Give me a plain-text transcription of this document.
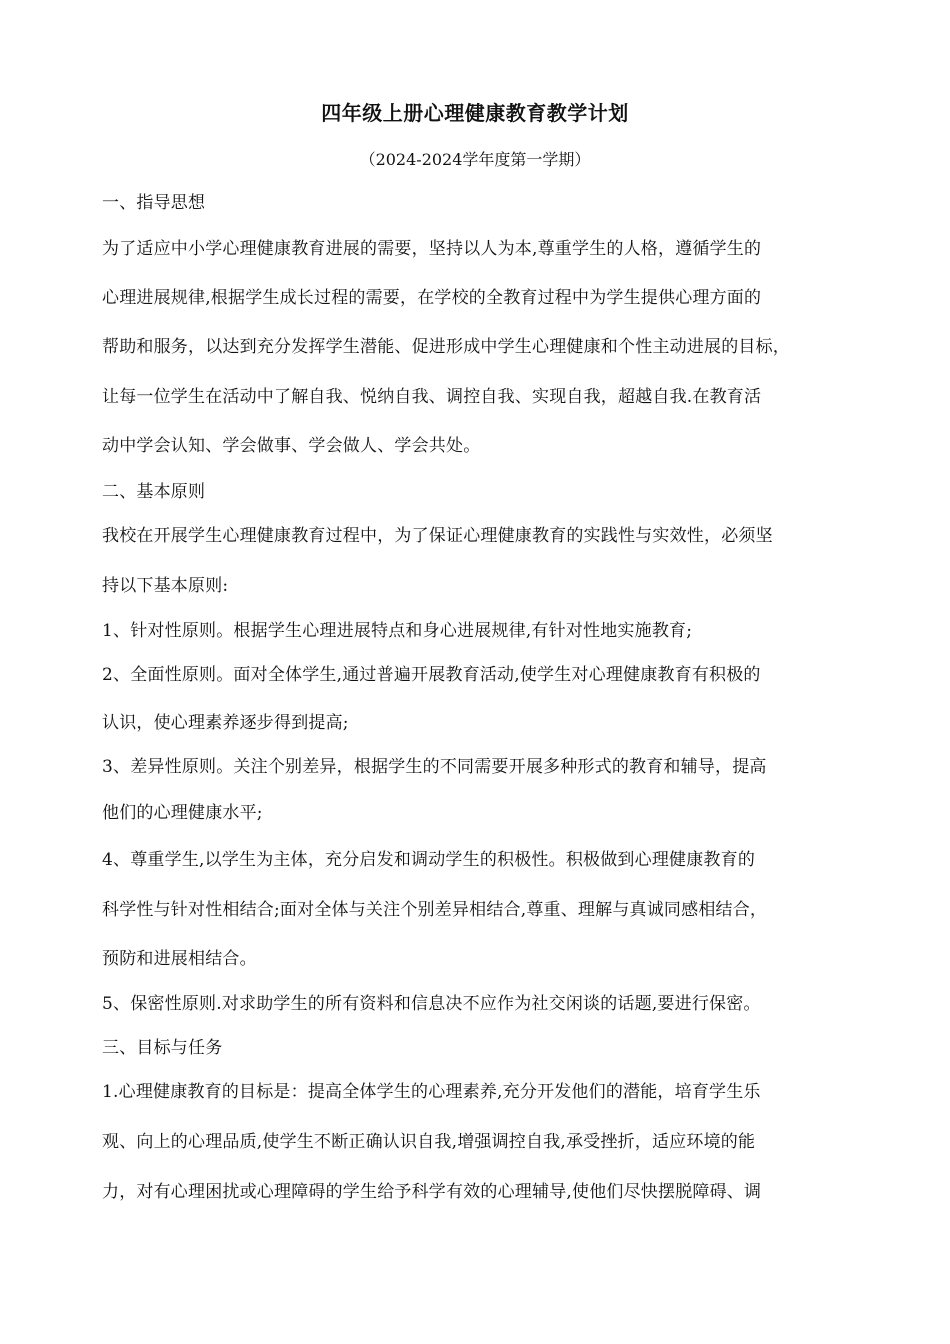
四年级上册心理健康教育教学计划
（2024-2024学年度第一学期）
一、指导思想
为了适应中小学心理健康教育进展的需要，坚持以人为本,尊重学生的人格，遵循学生的
心理进展规律,根据学生成长过程的需要，在学校的全教育过程中为学生提供心理方面的
帮助和服务，以达到充分发挥学生潜能、促进形成中学生心理健康和个性主动进展的目标，
让每一位学生在活动中了解自我、悦纳自我、调控自我、实现自我，超越自我.在教育活
动中学会认知、学会做事、学会做人、学会共处。
二、基本原则
我校在开展学生心理健康教育过程中，为了保证心理健康教育的实践性与实效性，必须坚
持以下基本原则:
1、针对性原则。根据学生心理进展特点和身心进展规律,有针对性地实施教育;
2、全面性原则。面对全体学生,通过普遍开展教育活动,使学生对心理健康教育有积极的
认识，使心理素养逐步得到提高;
3、差异性原则。关注个别差异，根据学生的不同需要开展多种形式的教育和辅导，提高
他们的心理健康水平;
4、尊重学生,以学生为主体，充分启发和调动学生的积极性。积极做到心理健康教育的
科学性与针对性相结合;面对全体与关注个别差异相结合,尊重、理解与真诚同感相结合，
预防和进展相结合。
5、保密性原则.对求助学生的所有资料和信息决不应作为社交闲谈的话题,要进行保密。
三、目标与任务
1.心理健康教育的目标是：提高全体学生的心理素养,充分开发他们的潜能，培育学生乐
观、向上的心理品质,使学生不断正确认识自我,增强调控自我,承受挫折，适应环境的能
力，对有心理困扰或心理障碍的学生给予科学有效的心理辅导,使他们尽快摆脱障碍、调
